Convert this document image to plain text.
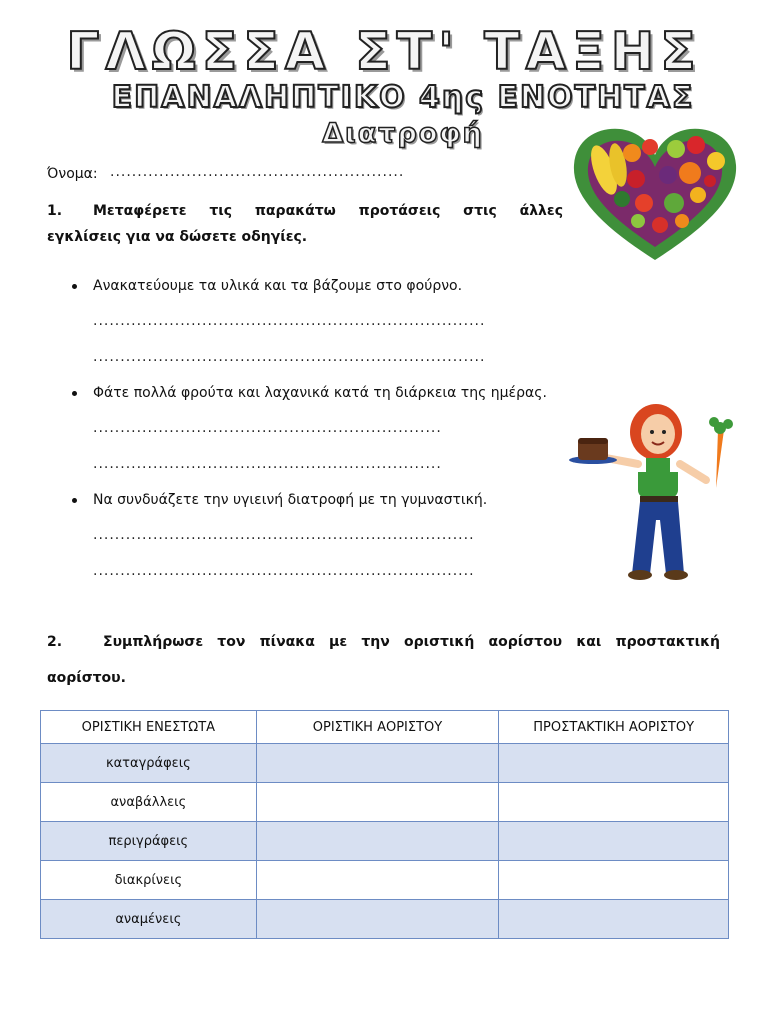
ΓΛΩΣΣΑ ΣΤ' ΤΑΞΗΣ
ΕΠΑΝΑΛΗΠΤΙΚΟ 4ης ΕΝΟΤΗΤΑΣ
Διατροφή
Όνομα: ......................................................
1. Μεταφέρετε τις παρακάτω προτάσεις στις άλλες
εγκλίσεις για να δώσετε οδηγίες.
Ανακατεύουμε τα υλικά και τα βάζουμε στο φούρνο.
........................................................................
........................................................................
Φάτε πολλά φρούτα και λαχανικά κατά τη διάρκεια της ημέρας.
................................................................
................................................................
Να συνδυάζετε την υγιεινή διατροφή με τη γυμναστική.
......................................................................
......................................................................
2.	Συμπλήρωσε τον πίνακα με την οριστική αορίστου και προστακτική
αορίστου.
ΟΡΙΣΤΙΚΗ ΕΝΕΣΤΩΤΑ	ΟΡΙΣΤΙΚΗ ΑΟΡΙΣΤΟΥ	ΠΡΟΣΤΑΚΤΙΚΗ ΑΟΡΙΣΤΟΥ
καταγράφεις		
αναβάλλεις		
περιγράφεις		
διακρίνεις		
αναμένεις		
